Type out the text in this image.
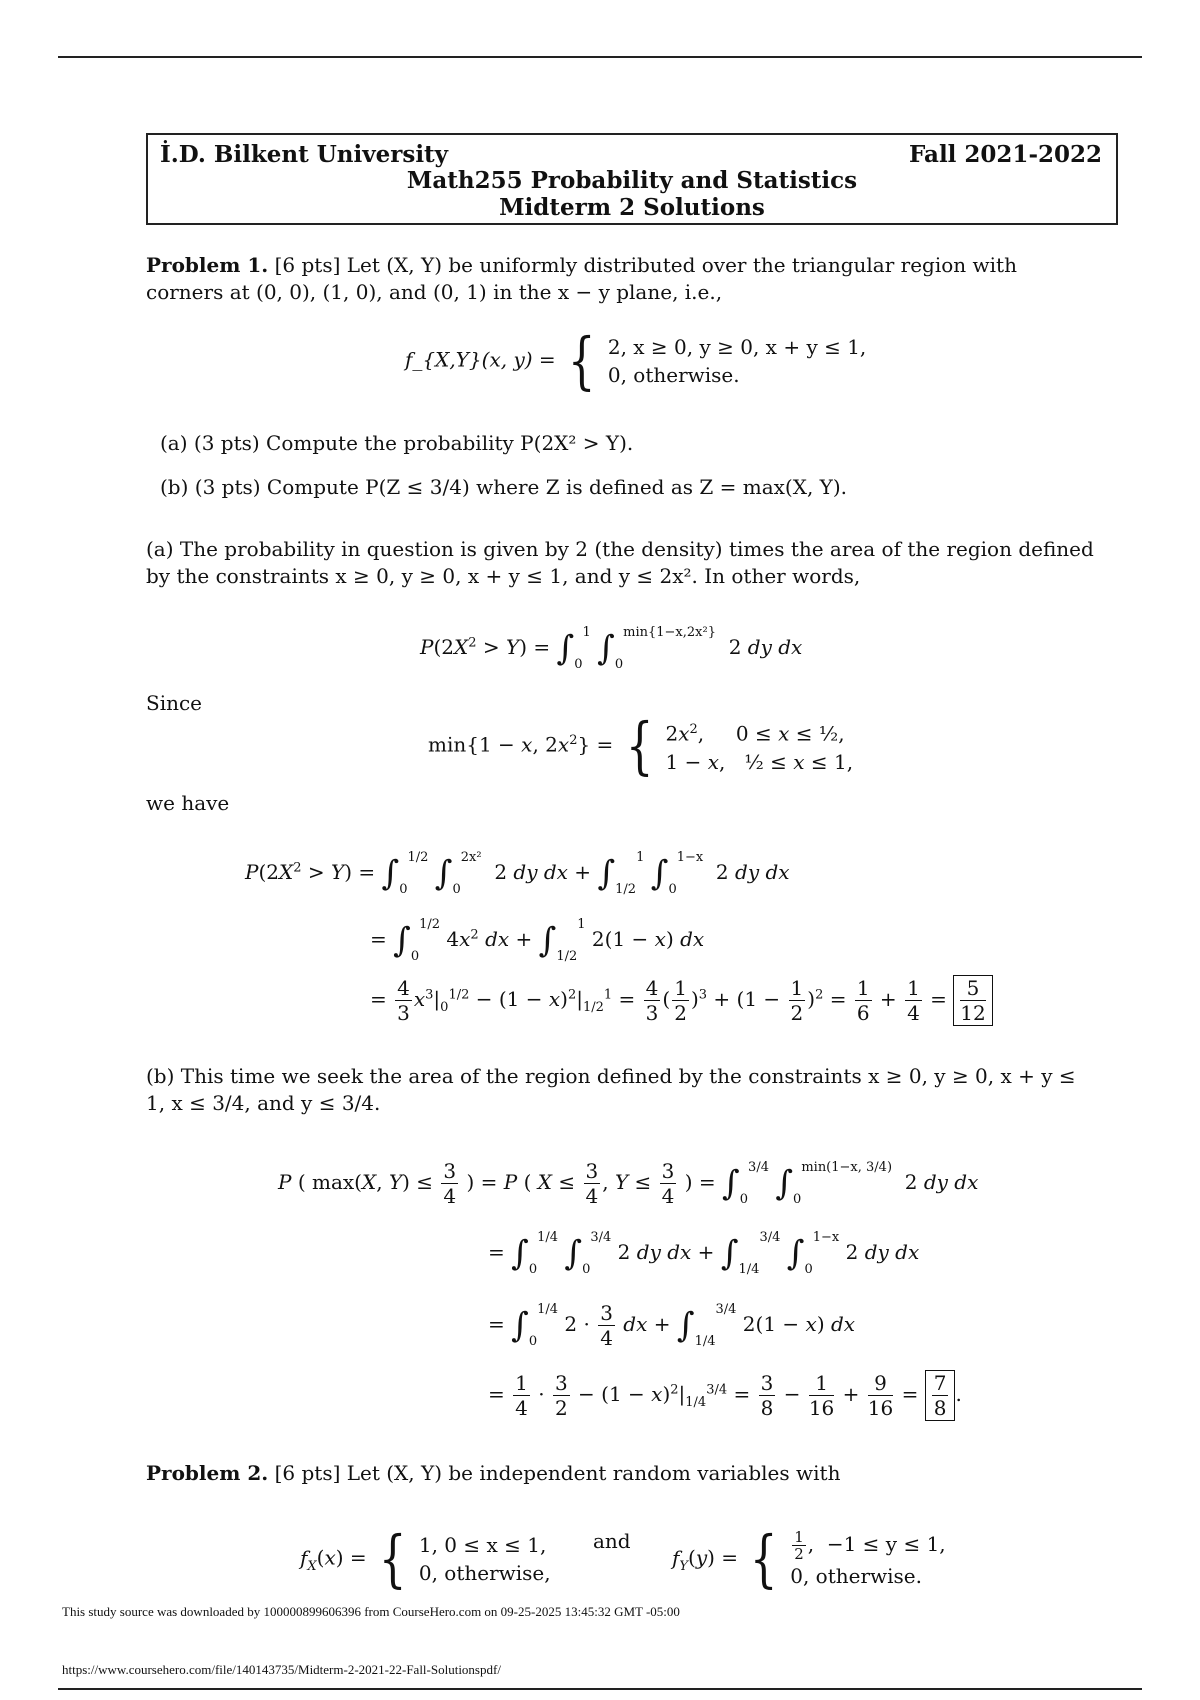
İ.D. Bilkent University	Fall 2021-2022
Math255 Probability and Statistics
Midterm 2 Solutions
Problem 1. [6 pts] Let (X, Y) be uniformly distributed over the triangular region with corners at (0, 0), (1, 0), and (0, 1) in the x − y plane, i.e.,
f_{X,Y}(x, y) = { 2, x ≥ 0, y ≥ 0, x + y ≤ 1,
0, otherwise.
(a) (3 pts) Compute the probability P(2X² > Y).
(b) (3 pts) Compute P(Z ≤ 3/4) where Z is defined as Z = max(X, Y).
(a) The probability in question is given by 2 (the density) times the area of the region defined by the constraints x ≥ 0, y ≥ 0, x + y ≤ 1, and y ≤ 2x². In other words,
$P(2X^2 > Y) = \int_0^1$ $\int_0^{min\{1-x,2x^2\}}$  2 dy dx
Since
min{1 − x, $2x^2$} = { $2x^2$,     0 ≤ x ≤ ½,
1 − x,   ½ ≤ x ≤ 1,
we have
$P(2X^2 > Y) = \int_0^{1/2}$ $\int_0^{2x^2}$  2 dy dx + $\int_{1/2}^1$ $\int_0^{1-x}$  2 dy dx
= $\int_0^{1/2}$ $4x^2$ dx + $\int_{1/2}^1$ 2(1 − x) dx
= $\frac{4}{3} x^3|_0^{1/2} - (1 - x)^2|_{1/2}^1 = \frac{4}{3}$ ( $\frac{1}{2} )^3 + (1 - \frac{1}{2} )^2 = \frac{1}{6} + \frac{1}{4} = \frac{5}{12}$
(b) This time we seek the area of the region defined by the constraints x ≥ 0, y ≥ 0, x + y ≤ 1, x ≤ 3/4, and y ≤ 3/4.
P ( max(X, $Y) \le \frac{3}{4}$ ) = P ( $X \le \frac{3}{4}$ , $Y \le \frac{3}{4}$ ) = $\int_0^{3/4}$ $\int_0^{min(1-x, 3/4)}$  2 dy dx
= $\int_0^{1/4}$ $\int_0^{3/4}$ 2 dy dx + $\int_{1/4}^{3/4}$ $\int_0^{1-x}$ 2 dy dx
= $\int_0^{1/4}$ $2 \cdot \frac{3}{4}$ dx + $\int_{1/4}^{3/4}$ 2(1 − x) dx
= $\frac{1}{4} \cdot \frac{3}{2} - (1 - x)^2|_{1/4}^{3/4} = \frac{3}{8} - \frac{1}{16} + \frac{9}{16} = \frac{7}{8}$ .
Problem 2. [6 pts] Let (X, Y) be independent random variables with
$f_X(x)$ = { 1, 0 ≤ x ≤ 1,
0, otherwise,
and
$f_Y(y)$ = { $\frac{1}{2}$ ,  −1 ≤ y ≤ 1,
0, otherwise.
This study source was downloaded by 100000899606396 from CourseHero.com on 09-25-2025 13:45:32 GMT -05:00
https://www.coursehero.com/file/140143735/Midterm-2-2021-22-Fall-Solutionspdf/
